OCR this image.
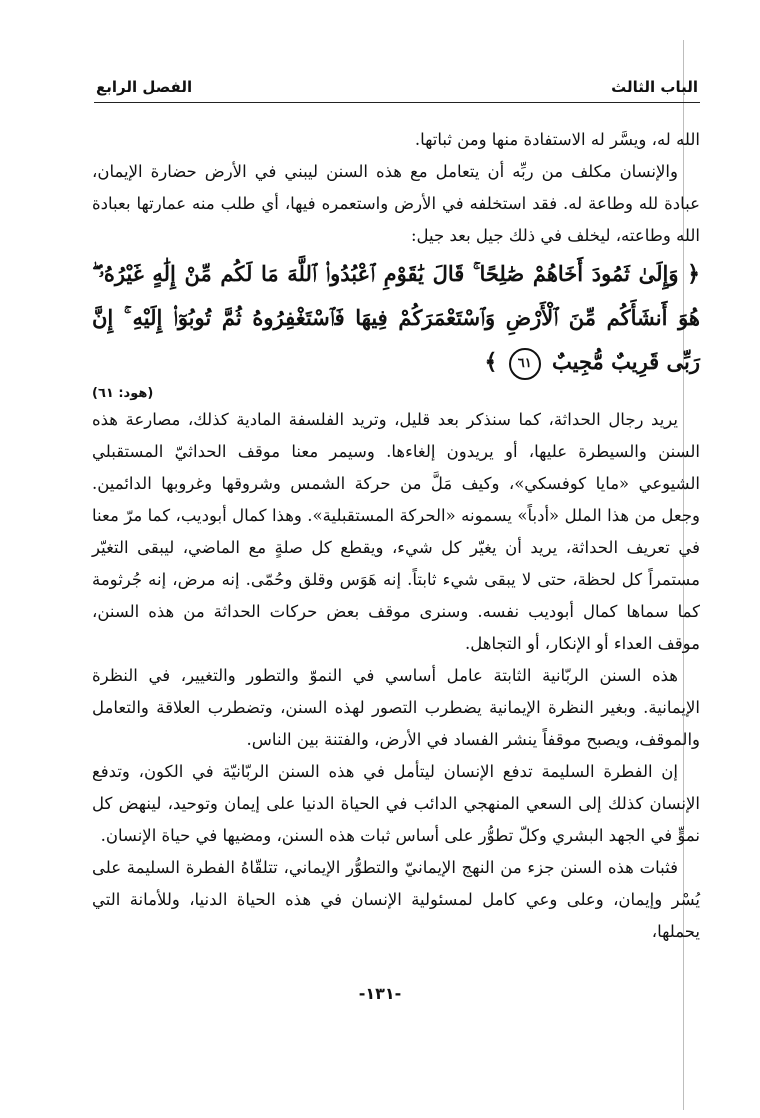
الباب الثالث
الفصل الرابع

الله له، ويسَّر له الاستفادة منها ومن ثباتها.

والإنسان مكلف من ربِّه أن يتعامل مع هذه السنن ليبني في الأرض حضارة الإيمان، عبادة لله وطاعة له. فقد استخلفه في الأرض واستعمره فيها، أي طلب منه عمارتها بعبادة الله وطاعته، ليخلف في ذلك جيل بعد جيل:

﴿ وَإِلَىٰ ثَمُودَ أَخَاهُمْ صَٰلِحًا ۚ قَالَ يَٰقَوْمِ ٱعْبُدُوا۟ ٱللَّهَ مَا لَكُم مِّنْ إِلَٰهٍ غَيْرُهُۥ ۖ هُوَ أَنشَأَكُم مِّنَ ٱلْأَرْضِ وَٱسْتَعْمَرَكُمْ فِيهَا فَٱسْتَغْفِرُوهُ ثُمَّ تُوبُوٓا۟ إِلَيْهِ ۚ إِنَّ رَبِّى قَرِيبٌ مُّجِيبٌ ٦١ ﴾

(هود: ٦١)

يريد رجال الحداثة، كما سنذكر بعد قليل، وتريد الفلسفة المادية كذلك، مصارعة هذه السنن والسيطرة عليها، أو يريدون إلغاءها. وسيمر معنا موقف الحداثيّ المستقبلي الشيوعي «مايا كوفسكي»، وكيف مَلَّ من حركة الشمس وشروقها وغروبها الدائمين. وجعل من هذا الملل «أدباً» يسمونه «الحركة المستقبلية». وهذا كمال أبوديب، كما مرّ معنا في تعريف الحداثة، يريد أن يغيّر كل شيء، ويقطع كل صلةٍ مع الماضي، ليبقى التغيّر مستمراً كل لحظة، حتى لا يبقى شيء ثابتاً. إنه هَوَس وقلق وحُمّى. إنه مرض، إنه جُرثومة كما سماها كمال أبوديب نفسه. وسنرى موقف بعض حركات الحداثة من هذه السنن، موقف العداء أو الإنكار، أو التجاهل.

هذه السنن الربّانية الثابتة عامل أساسي في النموّ والتطور والتغيير، في النظرة الإيمانية. وبغير النظرة الإيمانية يضطرب التصور لهذه السنن، وتضطرب العلاقة والتعامل والموقف، ويصبح موقفاً ينشر الفساد في الأرض، والفتنة بين الناس.

إن الفطرة السليمة تدفع الإنسان ليتأمل في هذه السنن الربّانيّة في الكون، وتدفع الإنسان كذلك إلى السعي المنهجي الدائب في الحياة الدنيا على إيمان وتوحيد، لينهض كل نموٍّ في الجهد البشري وكلّ تطوُّر على أساس ثبات هذه السنن، ومضيها في حياة الإنسان.

فثبات هذه السنن جزء من النهج الإيمانيّ والتطوُّر الإيماني، تتلقّاهُ الفطرة السليمة على يُسْر وإيمان، وعلى وعي كامل لمسئولية الإنسان في هذه الحياة الدنيا، وللأمانة التي يحملها،

-١٣١-
